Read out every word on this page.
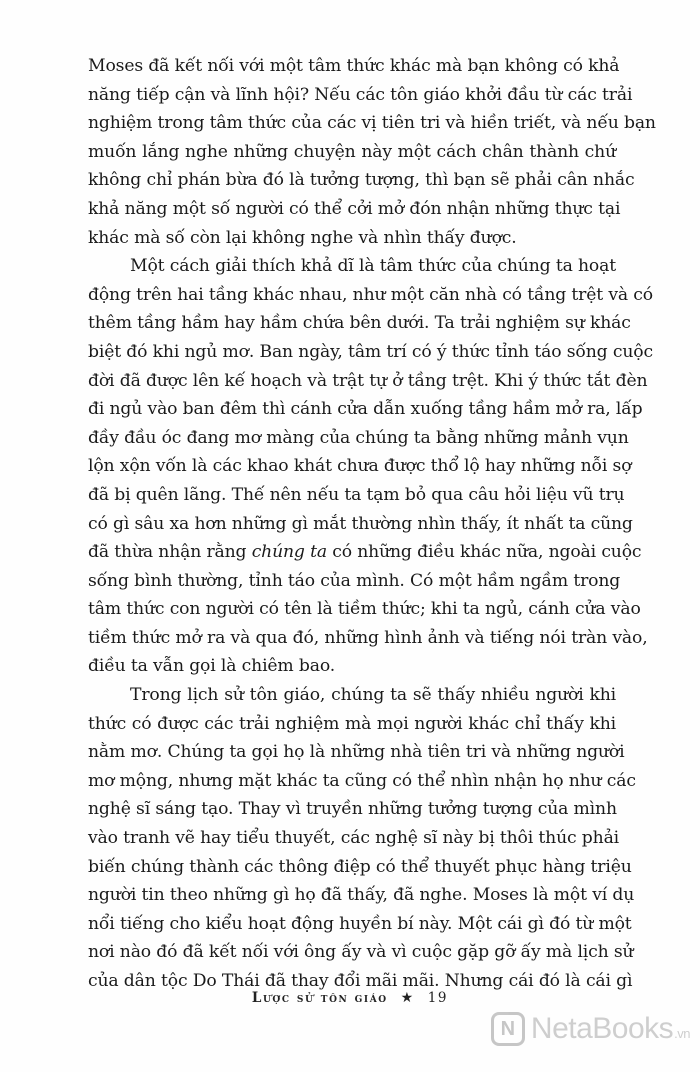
Moses đã kết nối với một tâm thức khác mà bạn không có khả
năng tiếp cận và lĩnh hội? Nếu các tôn giáo khởi đầu từ các trải
nghiệm trong tâm thức của các vị tiên tri và hiền triết, và nếu bạn
muốn lắng nghe những chuyện này một cách chân thành chứ
không chỉ phán bừa đó là tưởng tượng, thì bạn sẽ phải cân nhắc
khả năng một số người có thể cởi mở đón nhận những thực tại
khác mà số còn lại không nghe và nhìn thấy được.
Một cách giải thích khả dĩ là tâm thức của chúng ta hoạt
động trên hai tầng khác nhau, như một căn nhà có tầng trệt và có
thêm tầng hầm hay hầm chứa bên dưới. Ta trải nghiệm sự khác
biệt đó khi ngủ mơ. Ban ngày, tâm trí có ý thức tỉnh táo sống cuộc
đời đã được lên kế hoạch và trật tự ở tầng trệt. Khi ý thức tắt đèn
đi ngủ vào ban đêm thì cánh cửa dẫn xuống tầng hầm mở ra, lấp
đầy đầu óc đang mơ màng của chúng ta bằng những mảnh vụn
lộn xộn vốn là các khao khát chưa được thổ lộ hay những nỗi sợ
đã bị quên lãng. Thế nên nếu ta tạm bỏ qua câu hỏi liệu vũ trụ
có gì sâu xa hơn những gì mắt thường nhìn thấy, ít nhất ta cũng
đã thừa nhận rằng chúng ta có những điều khác nữa, ngoài cuộc
sống bình thường, tỉnh táo của mình. Có một hầm ngầm trong
tâm thức con người có tên là tiềm thức; khi ta ngủ, cánh cửa vào
tiềm thức mở ra và qua đó, những hình ảnh và tiếng nói tràn vào,
điều ta vẫn gọi là chiêm bao.
Trong lịch sử tôn giáo, chúng ta sẽ thấy nhiều người khi
thức có được các trải nghiệm mà mọi người khác chỉ thấy khi
nằm mơ. Chúng ta gọi họ là những nhà tiên tri và những người
mơ mộng, nhưng mặt khác ta cũng có thể nhìn nhận họ như các
nghệ sĩ sáng tạo. Thay vì truyền những tưởng tượng của mình
vào tranh vẽ hay tiểu thuyết, các nghệ sĩ này bị thôi thúc phải
biến chúng thành các thông điệp có thể thuyết phục hàng triệu
người tin theo những gì họ đã thấy, đã nghe. Moses là một ví dụ
nổi tiếng cho kiểu hoạt động huyền bí này. Một cái gì đó từ một
nơi nào đó đã kết nối với ông ấy và vì cuộc gặp gỡ ấy mà lịch sử
của dân tộc Do Thái đã thay đổi mãi mãi. Nhưng cái đó là cái gì
Lược sử tôn giáo ★ 19
N NetaBooks.vn
